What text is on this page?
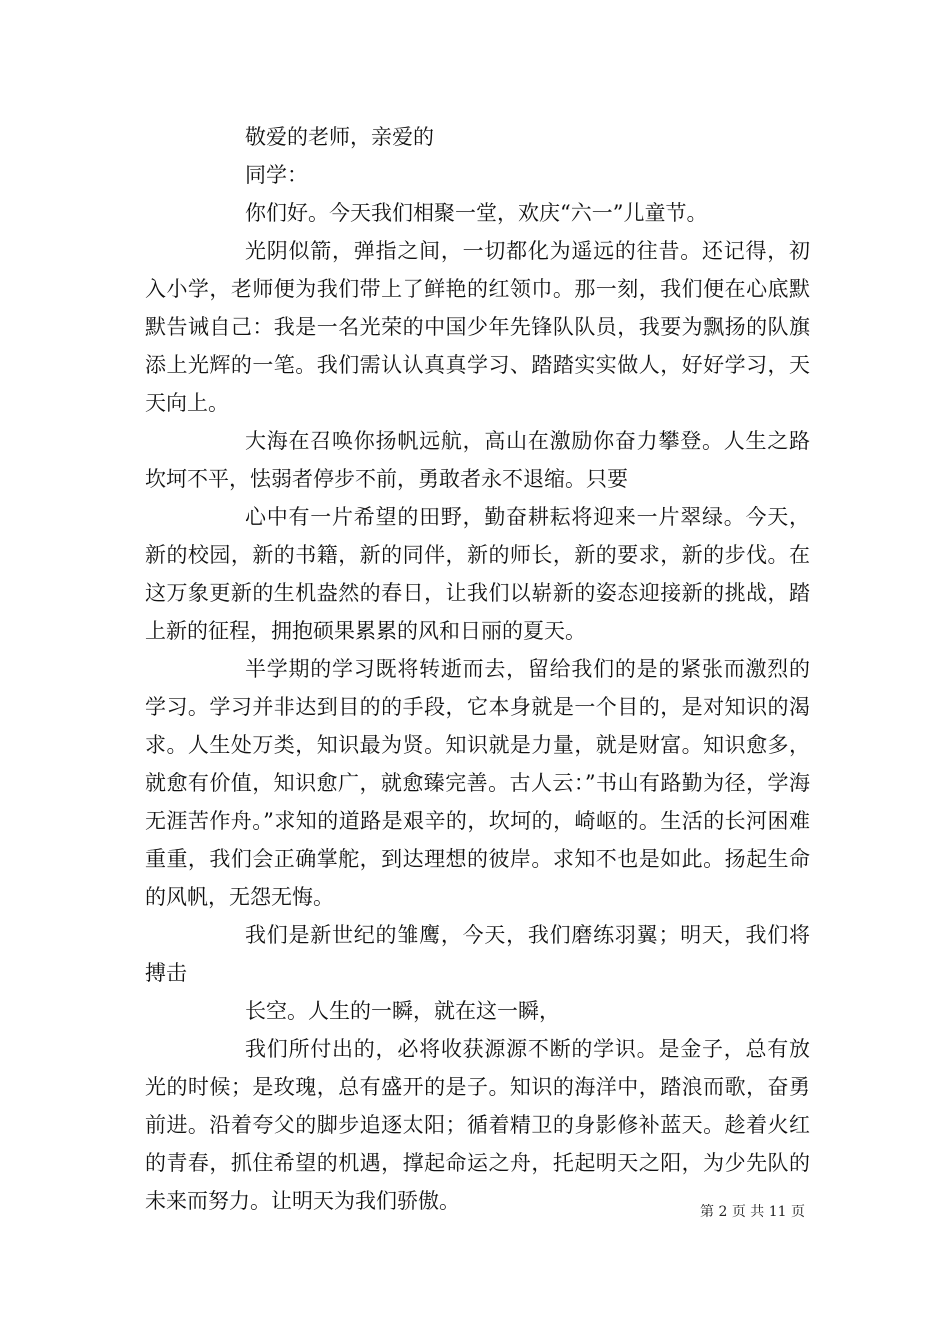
敬爱的老师，亲爱的

同学：

你们好。今天我们相聚一堂，欢庆“六一”儿童节。

光阴似箭，弹指之间，一切都化为遥远的往昔。还记得，初入小学，老师便为我们带上了鲜艳的红领巾。那一刻，我们便在心底默默告诫自己：我是一名光荣的中国少年先锋队队员，我要为飘扬的队旗添上光辉的一笔。我们需认认真真学习、踏踏实实做人，好好学习，天天向上。

大海在召唤你扬帆远航，高山在激励你奋力攀登。人生之路坎坷不平，怯弱者停步不前，勇敢者永不退缩。只要

心中有一片希望的田野，勤奋耕耘将迎来一片翠绿。今天，新的校园，新的书籍，新的同伴，新的师长，新的要求，新的步伐。在这万象更新的生机盎然的春日，让我们以崭新的姿态迎接新的挑战，踏上新的征程，拥抱硕果累累的风和日丽的夏天。

半学期的学习既将转逝而去，留给我们的是的紧张而激烈的学习。学习并非达到目的的手段，它本身就是一个目的，是对知识的渴求。人生处万类，知识最为贤。知识就是力量，就是财富。知识愈多，就愈有价值，知识愈广，就愈臻完善。古人云：”书山有路勤为径，学海无涯苦作舟。”求知的道路是艰辛的，坎坷的，崎岖的。生活的长河困难重重，我们会正确掌舵，到达理想的彼岸。求知不也是如此。扬起生命的风帆，无怨无悔。

我们是新世纪的雏鹰，今天，我们磨练羽翼；明天，我们将搏击

长空。人生的一瞬，就在这一瞬，

我们所付出的，必将收获源源不断的学识。是金子，总有放光的时候；是玫瑰，总有盛开的是子。知识的海洋中，踏浪而歌，奋勇前进。沿着夸父的脚步追逐太阳；循着精卫的身影修补蓝天。趁着火红的青春，抓住希望的机遇，撑起命运之舟，托起明天之阳，为少先队的未来而努力。让明天为我们骄傲。	第 2 页 共 11 页
